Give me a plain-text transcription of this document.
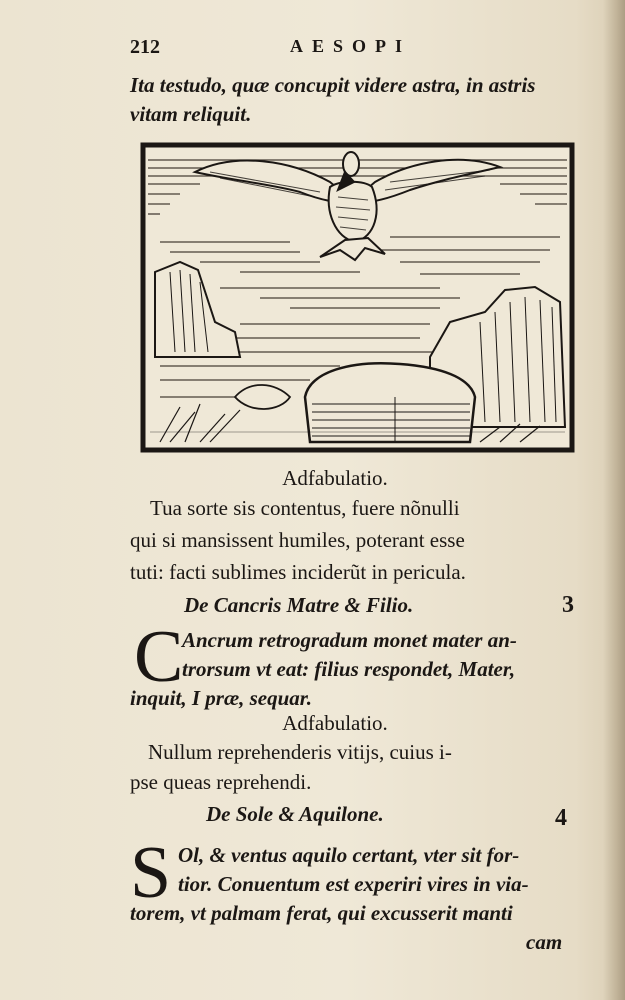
212	AESOPI
Ita testudo, quæ concupit videre astra, in astris
vitam reliquit.
Adfabulatio.
Tua sorte sis contentus, fuere nõnulli
qui si mansissent humiles, poterant esse
tuti: facti sublimes inciderũt in pericula.
De Cancris Matre & Filio.	3
C
Ancrum retrogradum monet mater an-
trorsum vt eat: filius respondet, Mater,
inquit, I præ, sequar.
Adfabulatio.
Nullum reprehenderis vitijs, cuius i-
pse queas reprehendi.
De Sole & Aquilone.	4
S Ol, & ventus aquilo certant, vter sit for-
tior. Conuentum est experiri vires in via-
torem, vt palmam ferat, qui excusserit manti
cam
